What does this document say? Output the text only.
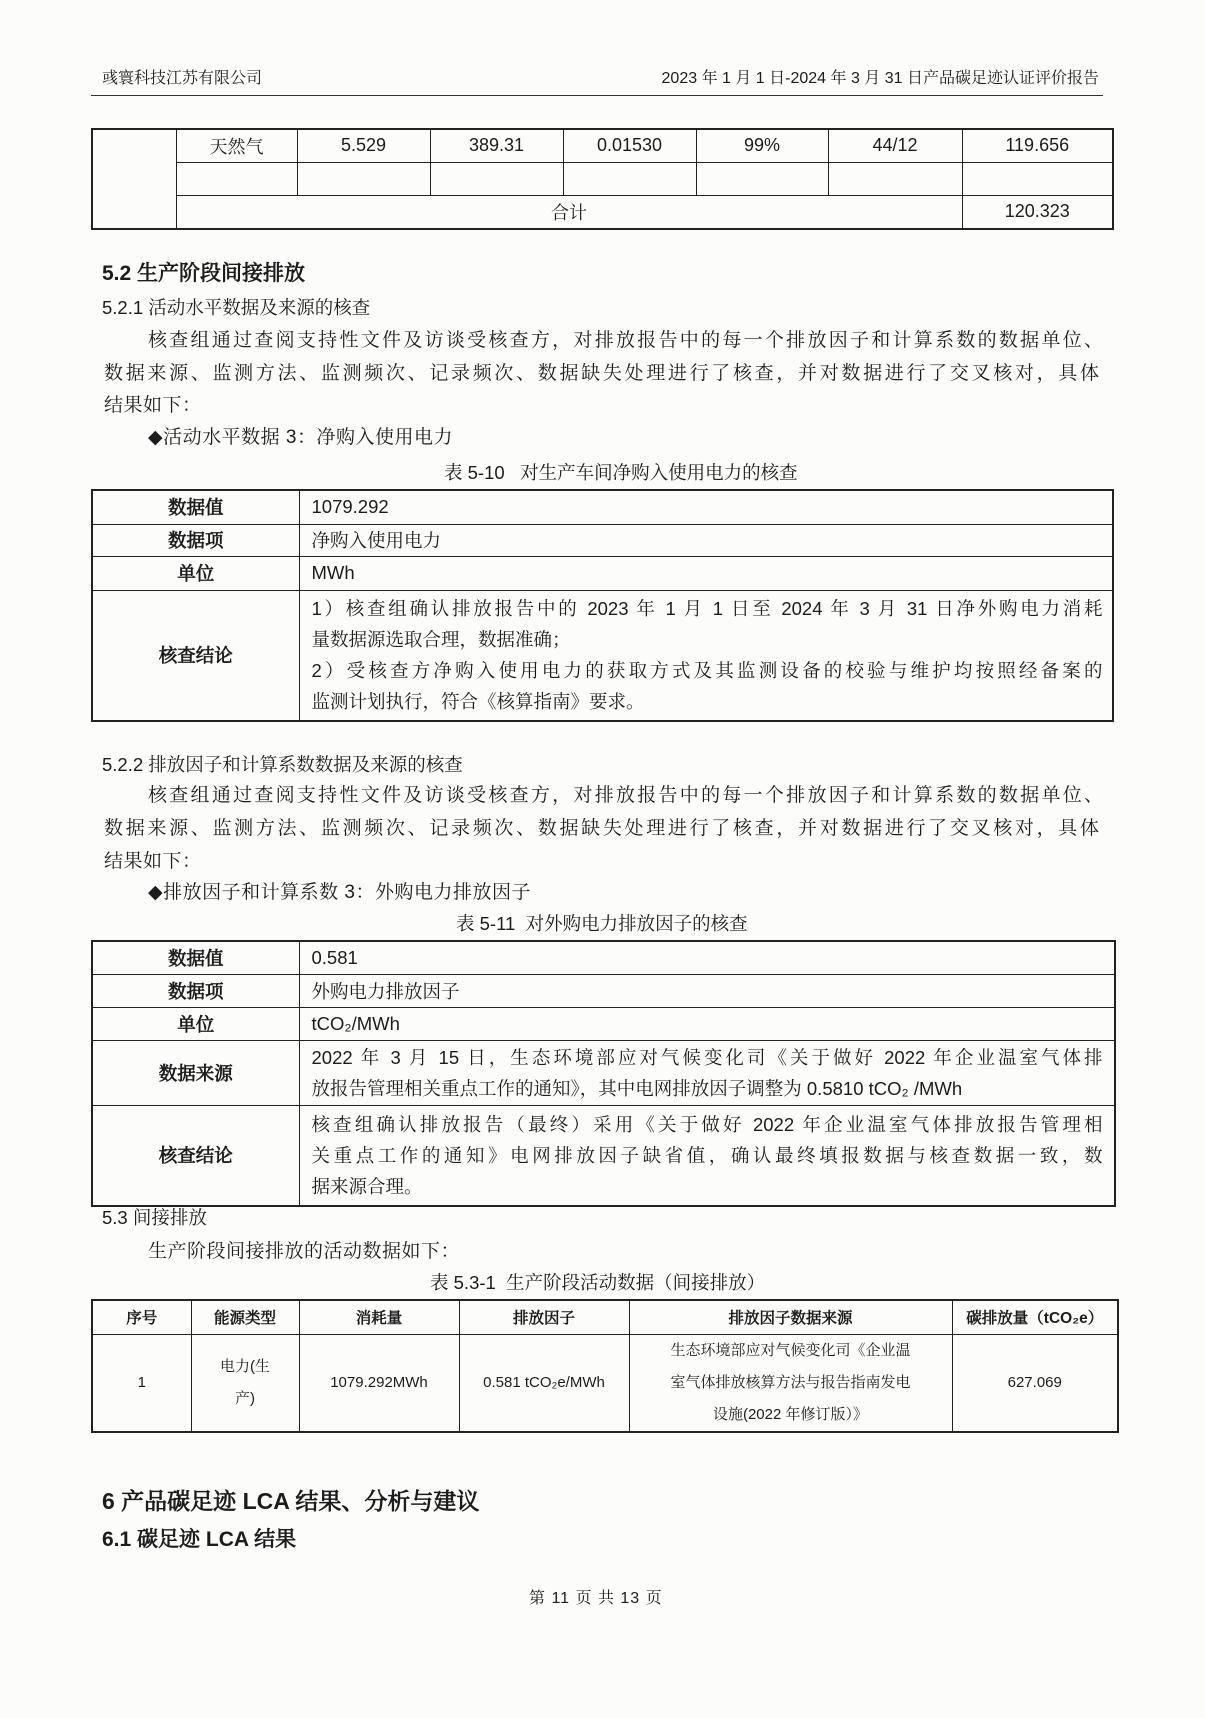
彧寰科技江苏有限公司	2023 年 1 月 1 日-2024 年 3 月 31 日产品碳足迹认证评价报告
	天然气	5.529	389.31	0.01530	99%	44/12	119.656

	合计						120.323
5.2 生产阶段间接排放
5.2.1 活动水平数据及来源的核查
核查组通过查阅支持性文件及访谈受核查方，对排放报告中的每一个排放因子和计算系数的数据单位、
数据来源、监测方法、监测频次、记录频次、数据缺失处理进行了核查，并对数据进行了交叉核对，具体
结果如下：
◆活动水平数据 3：净购入使用电力
表 5-10   对生产车间净购入使用电力的核查
数据值	1079.292
数据项	净购入使用电力
单位	MWh
核查结论	1）核查组确认排放报告中的 2023 年 1 月 1 日至 2024 年 3 月 31 日净外购电力消耗
量数据源选取合理，数据准确；
2）受核查方净购入使用电力的获取方式及其监测设备的校验与维护均按照经备案的
监测计划执行，符合《核算指南》要求。
5.2.2 排放因子和计算系数数据及来源的核查
核查组通过查阅支持性文件及访谈受核查方，对排放报告中的每一个排放因子和计算系数的数据单位、
数据来源、监测方法、监测频次、记录频次、数据缺失处理进行了核查，并对数据进行了交叉核对，具体
结果如下：
◆排放因子和计算系数 3：外购电力排放因子
表 5-11  对外购电力排放因子的核查
数据值	0.581
数据项	外购电力排放因子
单位	tCO₂/MWh
数据来源	2022 年 3 月 15 日，生态环境部应对气候变化司《关于做好 2022 年企业温室气体排
放报告管理相关重点工作的通知》，其中电网排放因子调整为 0.5810 tCO₂ /MWh

核查结论	核查组确认排放报告（最终）采用《关于做好 2022 年企业温室气体排放报告管理相
关重点工作的通知》电网排放因子缺省值，确认最终填报数据与核查数据一致，数
据来源合理。
5.3 间接排放
生产阶段间接排放的活动数据如下：
表 5.3-1  生产阶段活动数据（间接排放）
序号	能源类型	消耗量	排放因子	排放因子数据来源	碳排放量（tCO₂e）
1	电力(生
产)	1079.292MWh	0.581 tCO₂e/MWh	生态环境部应对气候变化司《企业温
室气体排放核算方法与报告指南发电
设施(2022 年修订版）》	627.069
6 产品碳足迹 LCA 结果、分析与建议
6.1 碳足迹 LCA 结果
第 11 页 共 13 页
